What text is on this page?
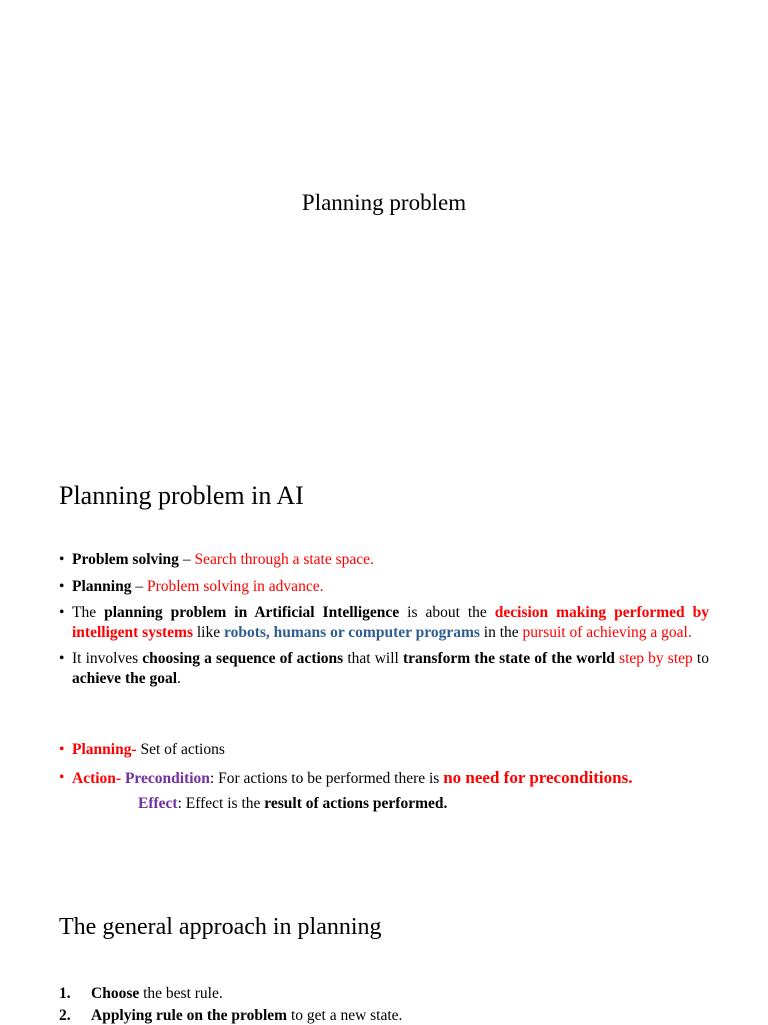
Planning problem
Planning problem in AI

• Problem solving – Search through a state space.

• Planning – Problem solving in advance.

• The planning problem in Artificial Intelligence is about the decision making performed by intelligent systems like robots, humans or computer programs in the pursuit of achieving a goal.

• It involves choosing a sequence of actions that will transform the state of the world step by step to achieve the goal.

• Planning- Set of actions

• Action- Precondition: For actions to be performed there is no need for preconditions.

Effect: Effect is the result of actions performed.

The general approach in planning
1. Choose the best rule.
2. Applying rule on the problem to get a new state.
